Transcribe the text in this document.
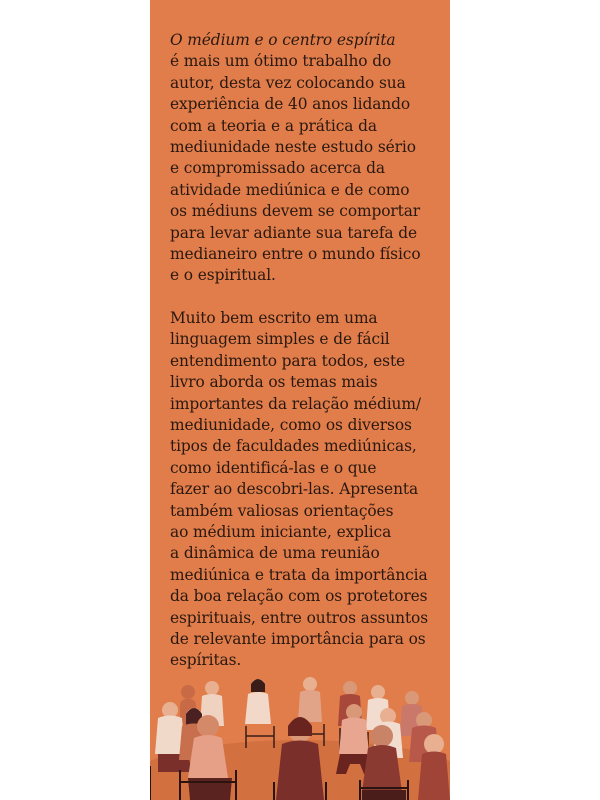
O médium e o centro espírita
é mais um ótimo trabalho do
autor, desta vez colocando sua
experiência de 40 anos lidando
com a teoria e a prática da
mediunidade neste estudo sério
e compromissado acerca da
atividade mediúnica e de como
os médiuns devem se comportar
para levar adiante sua tarefa de
medianeiro entre o mundo físico
e o espiritual.

Muito bem escrito em uma
linguagem simples e de fácil
entendimento para todos, este
livro aborda os temas mais
importantes da relação médium/
mediunidade, como os diversos
tipos de faculdades mediúnicas,
como identificá-las e o que
fazer ao descobri-las. Apresenta
também valiosas orientações
ao médium iniciante, explica
a dinâmica de uma reunião
mediúnica e trata da importância
da boa relação com os protetores
espirituais, entre outros assuntos
de relevante importância para os
espíritas.
